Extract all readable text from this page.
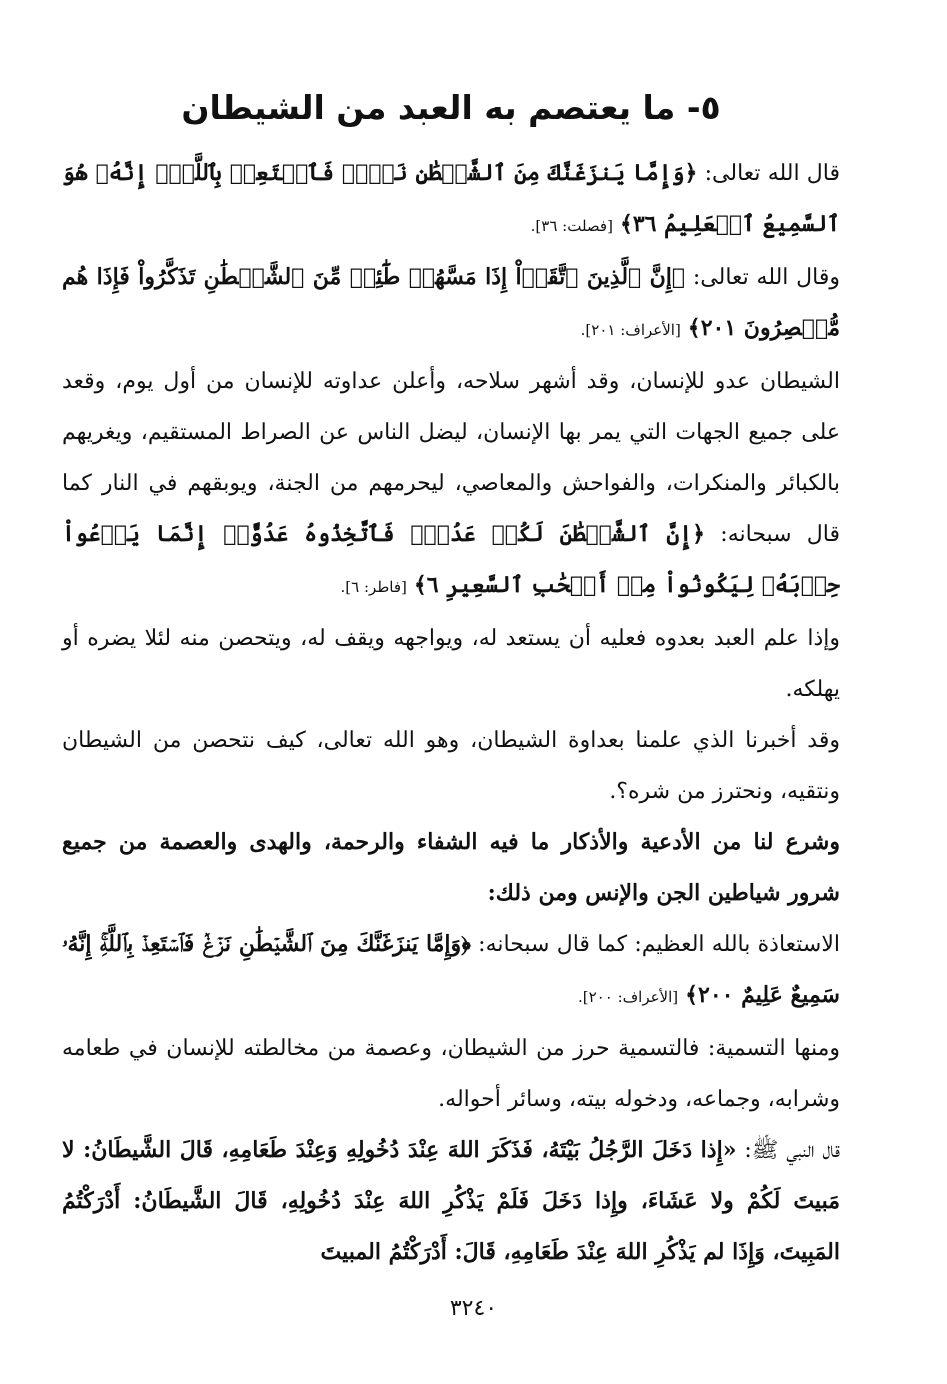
٥- ما يعتصم به العبد من الشيطان

قال الله تعالى: ﴿وَإِمَّا يَنزَغَنَّكَ مِنَ ٱلشَّيۡطَٰنِ نَزۡغٞ فَٱسۡتَعِذۡ بِٱللَّهِۖ إِنَّهُۥ هُوَ ٱلسَّمِيعُ ٱلۡعَلِيمُ ٣٦﴾ [فصلت: ٣٦].

وقال الله تعالى: ﴿إِنَّ ٱلَّذِينَ ٱتَّقَوۡاْ إِذَا مَسَّهُمۡ طَٰٓئِفٞ مِّنَ ٱلشَّيۡطَٰنِ تَذَكَّرُواْ فَإِذَا هُم مُّبۡصِرُونَ ٢٠١﴾ [الأعراف: ٢٠١].

الشيطان عدو للإنسان، وقد أشهر سلاحه، وأعلن عداوته للإنسان من أول يوم، وقعد على جميع الجهات التي يمر بها الإنسان، ليضل الناس عن الصراط المستقيم، ويغريهم بالكبائر والمنكرات، والفواحش والمعاصي، ليحرمهم من الجنة، ويوبقهم في النار كما قال سبحانه: ﴿إِنَّ ٱلشَّيۡطَٰنَ لَكُمۡ عَدُوّٞ فَٱتَّخِذُوهُ عَدُوًّاۚ إِنَّمَا يَدۡعُواْ حِزۡبَهُۥ لِيَكُونُواْ مِنۡ أَصۡحَٰبِ ٱلسَّعِيرِ ٦﴾ [فاطر: ٦].

وإذا علم العبد بعدوه فعليه أن يستعد له، ويواجهه ويقف له، ويتحصن منه لئلا يضره أو يهلكه.

وقد أخبرنا الذي علمنا بعداوة الشيطان، وهو الله تعالى، كيف نتحصن من الشيطان ونتقيه، ونحترز من شره؟.

وشرع لنا من الأدعية والأذكار ما فيه الشفاء والرحمة، والهدى والعصمة من جميع شرور شياطين الجن والإنس ومن ذلك:

الاستعاذة بالله العظيم: كما قال سبحانه: ﴿وَإِمَّا يَنزَغَنَّكَ مِنَ ٱلشَّيۡطَٰنِ نَزۡغٞ فَٱسۡتَعِذۡ بِٱللَّهِۚ إِنَّهُۥ سَمِيعٌ عَلِيمٌ ٢٠٠﴾ [الأعراف: ٢٠٠].

ومنها التسمية: فالتسمية حرز من الشيطان، وعصمة من مخالطته للإنسان في طعامه وشرابه، وجماعه، ودخوله بيته، وسائر أحواله.

قال النبي ﷺ: «إِذا دَخَلَ الرَّجُلُ بَيْتَهُ، فَذَكَرَ اللهَ عِنْدَ دُخُولِهِ وَعِنْدَ طَعَامِهِ، قَالَ الشَّيطَانُ: لا مَبيتَ لَكُمْ ولا عَشَاءَ، وإِذا دَخَلَ فَلَمْ يَذْكُرِ اللهَ عِنْدَ دُخُولِهِ، قَالَ الشَّيطَانُ: أَدْرَكْتُمُ المَبِيتَ، وَإِذَا لم يَذْكُرِ اللهَ عِنْدَ طَعَامِهِ، قَالَ: أَدْرَكْتُمُ المبيتَ

٣٢٤٠
